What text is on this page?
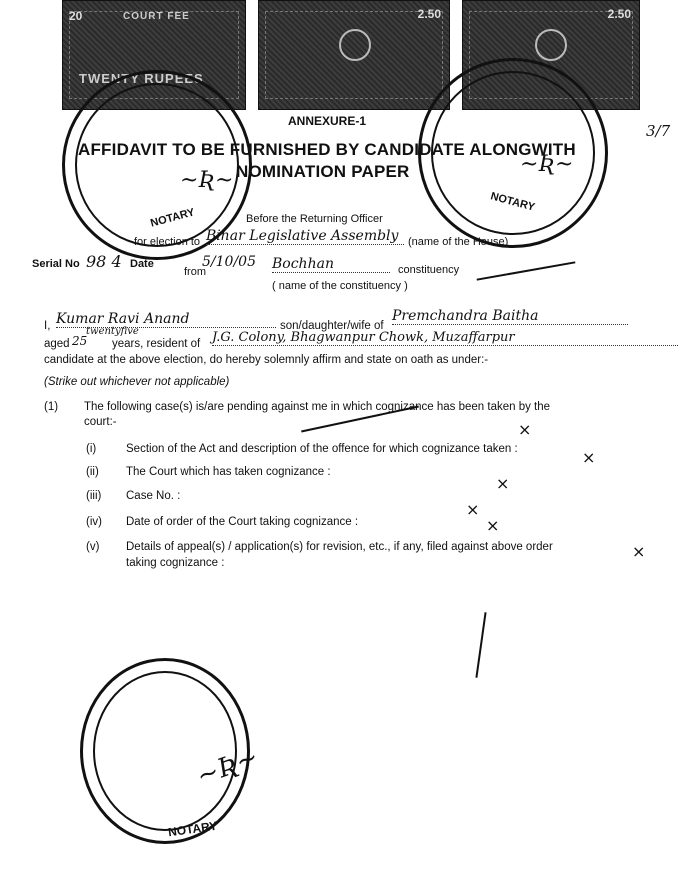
20	COURT FEE
TWENTY RUPEES
2.50	2.50
NOTARY
NOTARY
NOTARY
ANNEXURE-1
3/7
AFFIDAVIT TO BE FURNISHED BY CANDIDATE ALONGWITH
NOMINATION PAPER
~Ʀ~
~Ʀ~
~Ʀ~
Before the Returning Officer
for election to Bihar Legislative Assembly (name of the House)
Serial No 98 4 Date
from
5/10/05 Bochhan	constituency
( name of the constituency )
I, Kumar Ravi Anand	son/daughter/wife of
Premchandra Baitha
aged 25
twentyfive
years, resident of J.G. Colony, Bhagwanpur Chowk, Muzaffarpur
candidate at the above election, do hereby solemnly affirm and state on oath as under:-
(Strike out whichever not applicable)
(1) The following case(s) is/are pending against me in which cognizance has been taken by the
court:-
(i)	Section of the Act and description of the offence for which cognizance taken :
(ii) The Court which has taken cognizance :
(iii) Case No. :
(iv) Date of order of the Court taking cognizance :
(v) Details of appeal(s) / application(s) for revision, etc., if any, filed against above order
taking cognizance :
×
×
×
×
×
×
